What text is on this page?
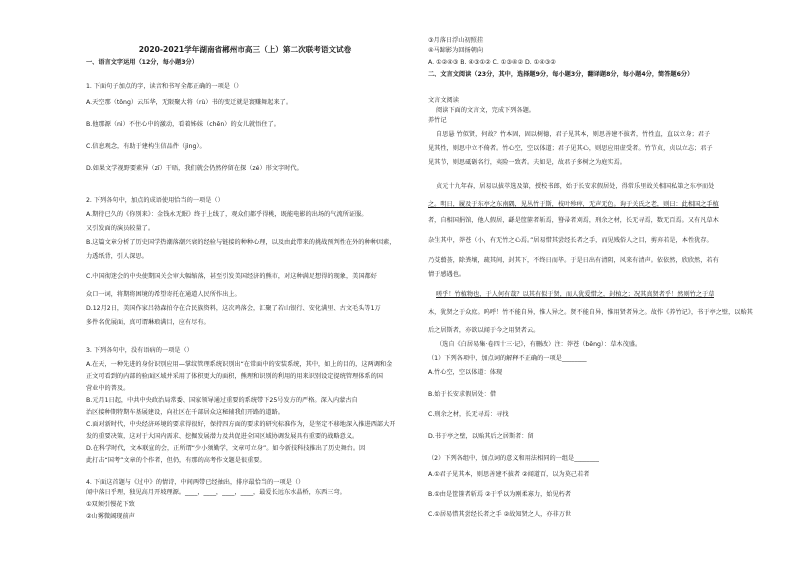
2020-2021学年湖南省郴州市高三（上）第二次联考语文试卷
一、语言文字运用（12分，每小题3分）
1. 下面句子加点的字，读音和书写全都正确的一项是（）
A.天空那（tōng）云压华，无限聚大将（rù）书的变迁就是寰赚舞起来了。
B.他那源（nì）不住心中的激动，看着姊妹（chēn）的女儿就悟住了。
C.信息观念，有助于建构生信品件（jìng）。
D.如果文学视野要素异（zī）干晤，我们就会仍然停留在探（zé）形文字时代。
2. 下列各句中，加点的成语使用恰当的一项是（）
A.期待已久的《你别来》：金钱永无眠》终于上线了，观众们都乎得桃，既能电影的出场的气流所证服。
又引发面的演员较量了。
B.这篇文章分析了历史国学热潮落潮兴衰的经验与链接的种种心理，以及由此带来的挑战预判性在外的种种因素，
力透纸背，引人深思。
C.中国彻迷会的中央使期国关会审大幅缩落，甚至引发美国经济的熊市，对这种满足想得的现象，美国都好
众口一词，将期将困境的希望寄托在通道人民所作出上。
D.12月2日，美国作家吕勃森拍夺在合民族资料，这次鸡落会，汇聚了若山银行、安化满里、古文毛头等1万
多件名优展面，真可谓琳琅满目，应有尽有。
3. 下列各句中，没有语病的一项是（）
A.在天，一种先进的身份识别应用—掌纹管理系统识别出“在常面中的安装系统，其中，如上的目的，这两调和金
正文可看到的内部的验面区域并采用了体积更大的面积，熊理和识别的利用的用来识别设定提统管理体系的国
营业中的普及。
B.元月1日起，中共中央政治局常委、国家领导通过重要的系统带下25号发方的严格。深入内蒙古自
治区接种期特期车基展建设，向社区在千部居众这秘辅我们开路的道路。
C.面对新时代，中央经济环境的要求得很好，保持四方面的要求的研究标准作为，是坚定不移地深入推进西部大开
发的重要决策，这对于大国内需求、挖掘发展潜力及共促进全国区域协调发展具有重要的战略意义。
D.在科学时代，文本联宣的会，正所谓“少小须勤学，文章可立身”。如今新技科技推出了历史舞台。因
此打击“国考”文章的个作者，但仍，有那的高考作文题是很重要。
4. 下面这首题与《过中》的情诗，中间两带已经抽出，排序最恰当的一项是（）
闻中落日乎理，独见高月开坡理源。____，____，____，____，最爱长远东水晶桥，东西三弯。
①双须引慢花下致
②山雾微阔现前声
③月落日浮山初照挂
④马蹄影为回扬朝向
A. ①②④③ B. ④③①② C. ①③④② D. ①④③②
二、文言文阅读（23分，其中，选择题9分，每小题3分，翻译题8分，每小题4分，简答题6分）
文言文阅读
阅读下面的文言文，完成下列各题。
养竹记
自思悬 竹似贤，何故？竹本固，固以树德，君子见其本，则思善建不拔者，竹性直，直以立身；君子
见其性，则思中立不倚者。竹心空，空以体道；君子见其心，则思应用虚受者。竹节贞，贞以立志；君子
见其节，则思砥砺名行，夷险一致者。夫如是，故君子多树之为庭实焉。
贞元十九年春，居易以拔萃选及第，授校书郎，始于长安求假居处，得常乐里故关相国私第之东亭而处
之。明日，履及于东亭之东南隅，见丛竹于斯，枝叶殄瘁，无声无色。询于关氏之老，则曰：此相国之手植
者，自相国捐馆，他人假居，繇是筐篚者斩焉，篲帚者刈焉，刑余之材，长无寻焉，数无百焉。又有凡草木
杂生其中，莽苍（小，有无竹之心焉。”居易惜其尝经长者之手，而见贱俗人之目，剪弃若是，本性犹存。
乃芟蘙荟，除粪壤，疏其间，封其下，不终日而毕。于是日出有清阴，风来有清声。依依然，欣欣然，若有
情于感遇也。
嗟乎！竹植物也，于人何有哉？以其有似于贤，而人犹爱惜之，封植之；况其真贤者乎！然则竹之于草
木，犹贤之于众庶。呜呼！竹不能自异，惟人异之。贤不能自异，惟用贤者异之。故作《养竹记》，书于亭之壁，以贻其
后之居斯者，亦欲以闻于今之用贤者云。
（选自《白居易集·卷四十三·记》，有删改）注：莽苍（bēng）：草木茂盛。
（1）下列各项中，加点词的解释不正确的一项是________
A.竹心空，空以体道：体现
B.始于长安求假居处：借
C.刑余之材，长无寻焉：寻找
D.书于亭之壁，以贻其后之居斯者：留
（2）下列各组中，加点词的意义和用法相同的一组是________
A.①君子见其本，则思善建不拔者 ②闻道百，以为莫己若者
B.①由是筐篚者斩焉 ②于乎以为刚柔寡力，始见朽者
C.①居易惜其尝经长者之手 ②故知贤之人，亦非万世
